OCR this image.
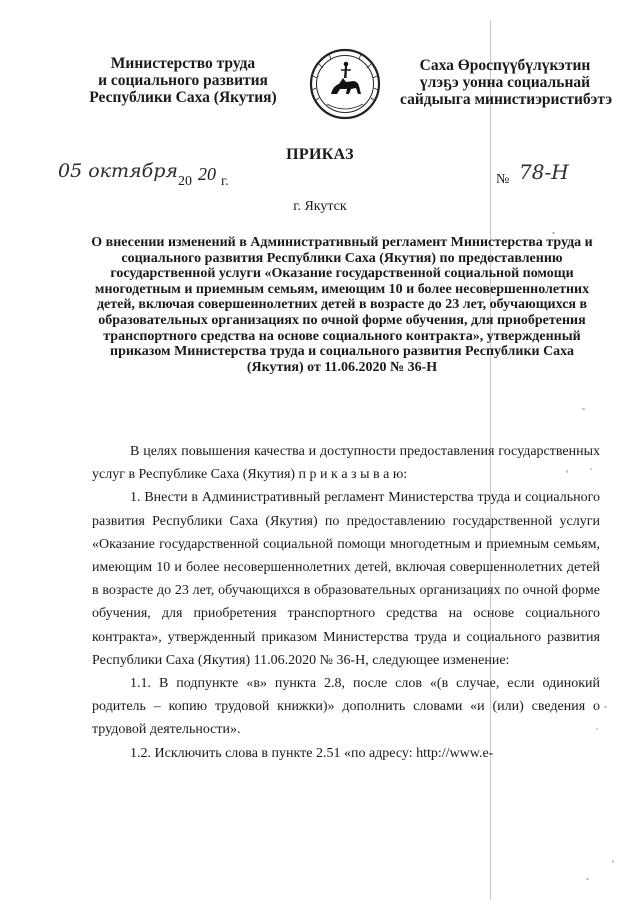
Министерство труда
и социального развития
Республики Саха (Якутия)
Саха Өроспүүбүлүкэтин
үлэҕэ уонна социальнай
сайдыыга министиэристибэтэ
ПРИКАЗ
05 октября 20 20 г.	№ 78-Н
г. Якутск
О внесении изменений в Административный регламент Министерства труда и социального развития Республики Саха (Якутия) по предоставлению государственной услуги «Оказание государственной социальной помощи многодетным и приемным семьям, имеющим 10 и более несовершеннолетних детей, включая совершеннолетних детей в возрасте до 23 лет, обучающихся в образовательных организациях по очной форме обучения, для приобретения транспортного средства на основе социального контракта», утвержденный приказом Министерства труда и социального развития Республики Саха (Якутия) от 11.06.2020 № 36-Н

В целях повышения качества и доступности предоставления государственных услуг в Республике Саха (Якутия) п р и к а з ы в а ю:

1. Внести в Административный регламент Министерства труда и социального развития Республики Саха (Якутия) по предоставлению государственной услуги «Оказание государственной социальной помощи многодетным и приемным семьям, имеющим 10 и более несовершеннолетних детей, включая совершеннолетних детей в возрасте до 23 лет, обучающихся в образовательных организациях по очной форме обучения, для приобретения транспортного средства на основе социального контракта», утвержденный приказом Министерства труда и социального развития Республики Саха (Якутия) 11.06.2020 № 36-Н, следующее изменение:

1.1. В подпункте «в» пункта 2.8, после слов «(в случае, если одинокий родитель – копию трудовой книжки)» дополнить словами «и (или) сведения о трудовой деятельности».

1.2. Исключить слова в пункте 2.51 «по адресу: http://www.e-
